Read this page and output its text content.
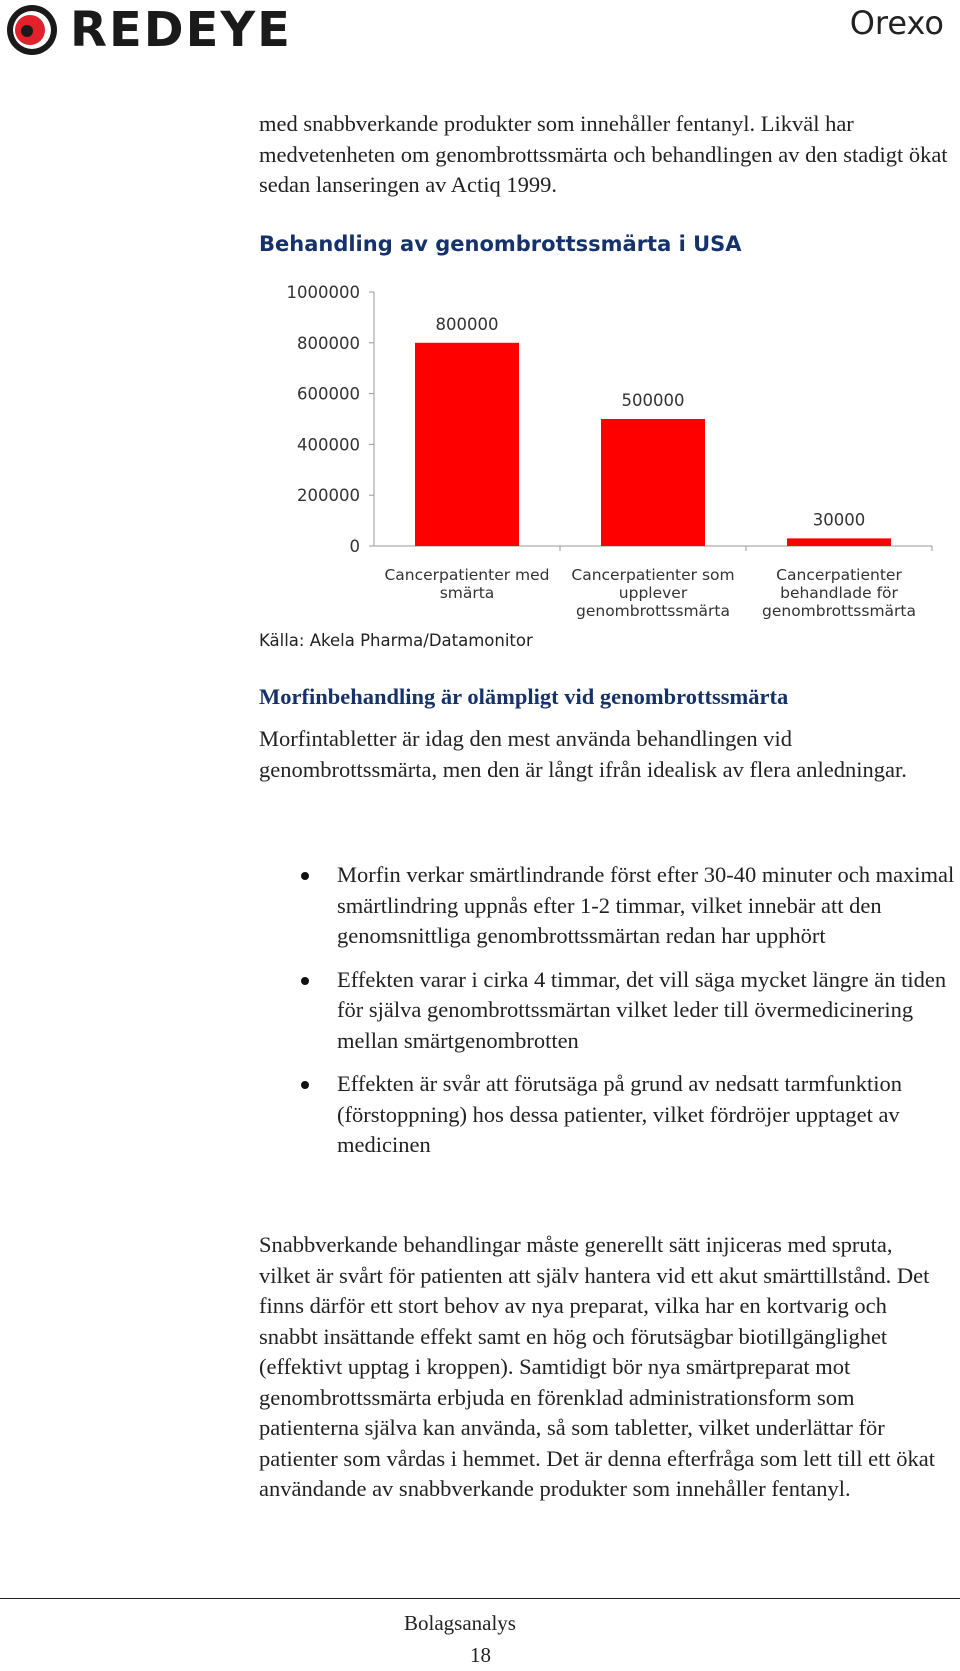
REDEYE	Orexo
med snabbverkande produkter som innehåller fentanyl. Likväl har medvetenheten om genombrottssmärta och behandlingen av den stadigt ökat sedan lanseringen av Actiq 1999.
Behandling av genombrottssmärta i USA
0
200000
400000
600000
800000
1000000
800000
Cancerpatienter med
smärta
500000
Cancerpatienter som
upplever
genombrottssmärta
30000
Cancerpatienter
behandlade för
genombrottssmärta
Källa: Akela Pharma/Datamonitor
Morfinbehandling är olämpligt vid genombrottssmärta
Morfintabletter är idag den mest använda behandlingen vid genombrottssmärta, men den är långt ifrån idealisk av flera anledningar.
Morfin verkar smärtlindrande först efter 30-40 minuter och maximal smärtlindring uppnås efter 1-2 timmar, vilket innebär att den genomsnittliga genombrottssmärtan redan har upphört
Effekten varar i cirka 4 timmar, det vill säga mycket längre än tiden för själva genombrottssmärtan vilket leder till övermedicinering mellan smärtgenombrotten
Effekten är svår att förutsäga på grund av nedsatt tarmfunktion (förstoppning) hos dessa patienter, vilket fördröjer upptaget av medicinen
Snabbverkande behandlingar måste generellt sätt injiceras med spruta, vilket är svårt för patienten att själv hantera vid ett akut smärttillstånd. Det finns därför ett stort behov av nya preparat, vilka har en kortvarig och snabbt insättande effekt samt en hög och förutsägbar biotillgänglighet (effektivt upptag i kroppen). Samtidigt bör nya smärtpreparat mot genombrottssmärta erbjuda en förenklad administrationsform som patienterna själva kan använda, så som tabletter, vilket underlättar för patienter som vårdas i hemmet. Det är denna efterfråga som lett till ett ökat användande av snabbverkande produkter som innehåller fentanyl.
Bolagsanalys
18
